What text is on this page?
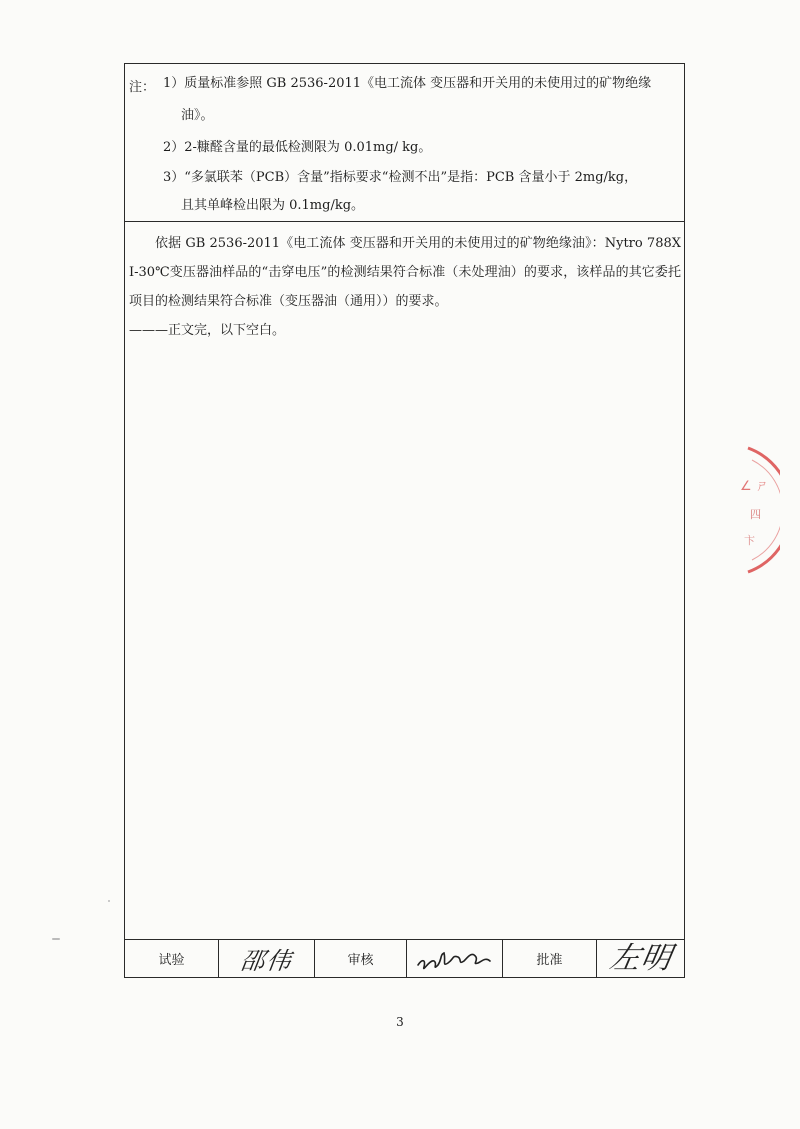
注： 1）质量标准参照 GB 2536-2011《电工流体 变压器和开关用的未使用过的矿物绝缘
油》。
2）2-糠醛含量的最低检测限为 0.01mg/ kg。
3）“多氯联苯（PCB）含量”指标要求“检测不出”是指：PCB 含量小于 2mg/kg，
且其单峰检出限为 0.1mg/kg。

依据 GB 2536-2011《电工流体 变压器和开关用的未使用过的矿物绝缘油》：Nytro 788X I-30℃变压器油样品的“击穿电压”的检测结果符合标准（未处理油）的要求，该样品的其它委托项目的检测结果符合标准（变压器油（通用））的要求。

———正文完，以下空白。

试验 邵伟	审核	批准 左明
3
∠ ㄕ
四
卞
